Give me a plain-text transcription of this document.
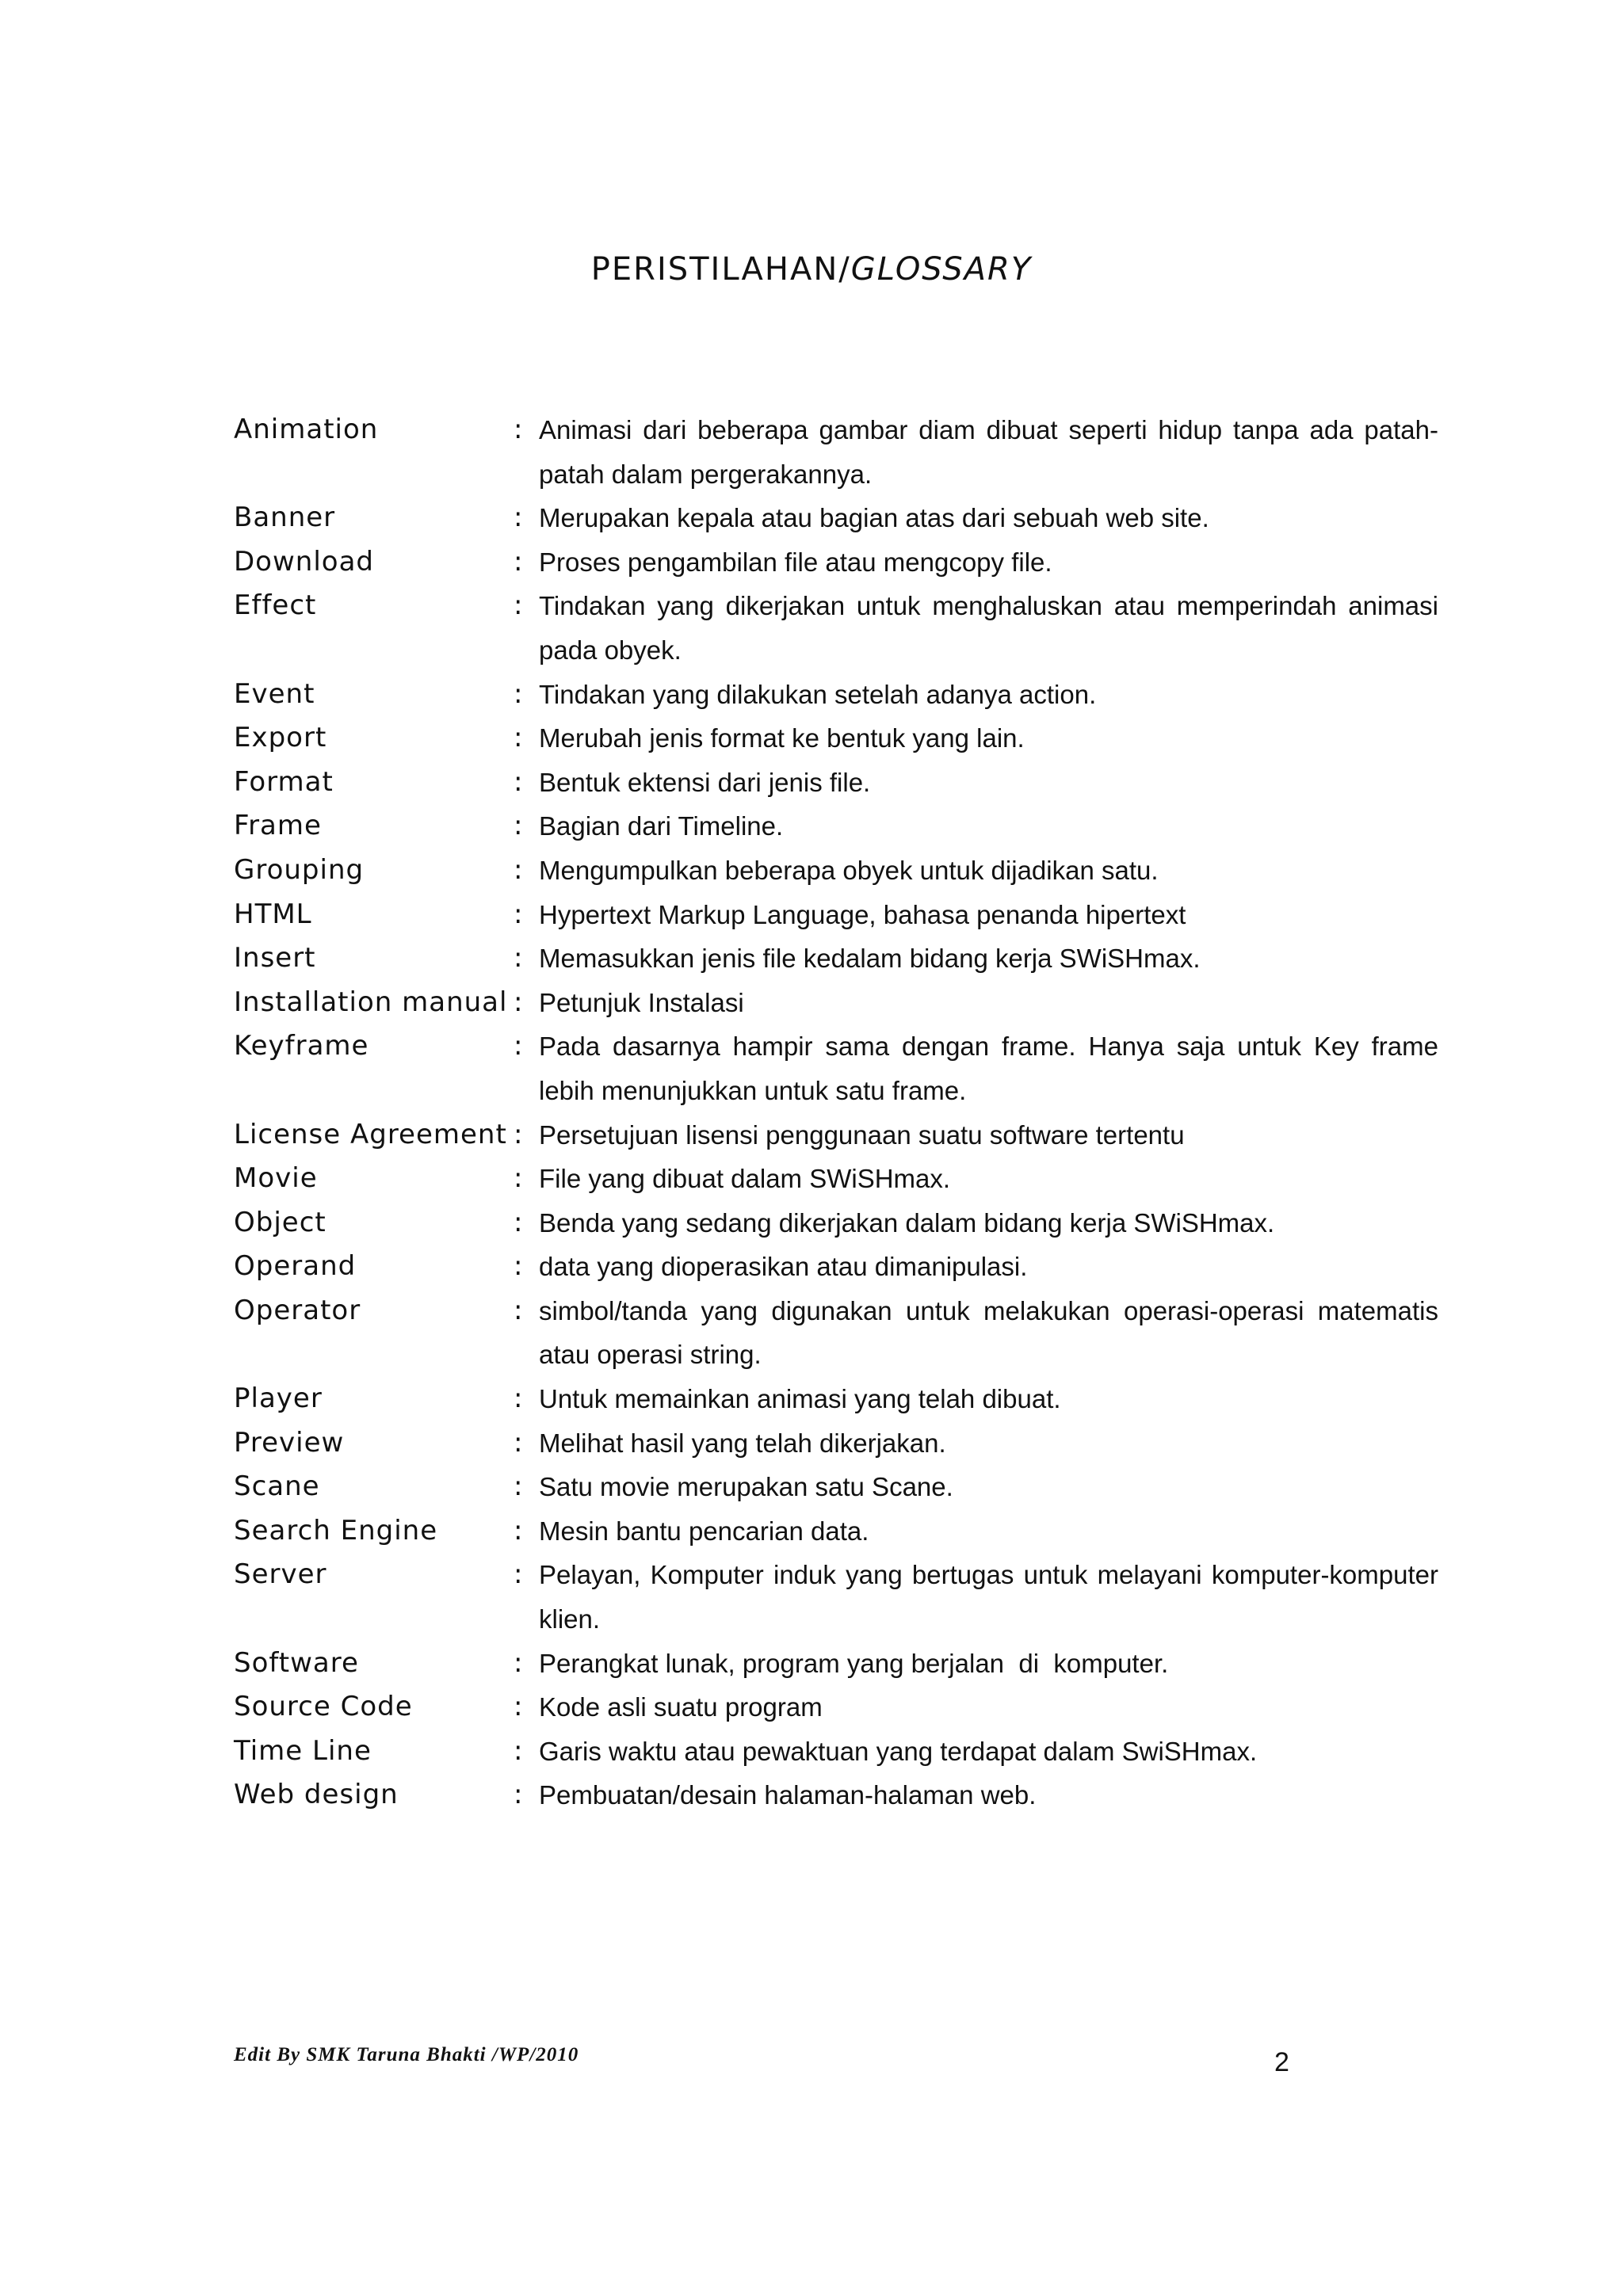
PERISTILAHAN/GLOSSARY
Animation	: Animasi dari beberapa gambar diam dibuat seperti hidup tanpa ada patah-patah dalam pergerakannya.
Banner	: Merupakan kepala atau bagian atas dari sebuah web site.
Download	: Proses pengambilan file atau mengcopy file.
Effect	: Tindakan yang dikerjakan untuk menghaluskan atau memperindah animasi pada obyek.
Event	: Tindakan yang dilakukan setelah adanya action.
Export	: Merubah jenis format ke bentuk yang lain.
Format	: Bentuk ektensi dari jenis file.
Frame	: Bagian dari Timeline.
Grouping	: Mengumpulkan beberapa obyek untuk dijadikan satu.
HTML	: Hypertext Markup Language, bahasa penanda hipertext
Insert	: Memasukkan jenis file kedalam bidang kerja SWiSHmax.
Installation manual : Petunjuk Instalasi
Keyframe	: Pada dasarnya hampir sama dengan frame. Hanya saja untuk Key frame lebih menunjukkan untuk satu frame.
License Agreement : Persetujuan lisensi penggunaan suatu software tertentu
Movie	: File yang dibuat dalam SWiSHmax.
Object	: Benda yang sedang dikerjakan dalam bidang kerja SWiSHmax.
Operand	: data yang dioperasikan atau dimanipulasi.
Operator	: simbol/tanda yang digunakan untuk melakukan operasi-operasi matematis atau operasi string.
Player	: Untuk memainkan animasi yang telah dibuat.
Preview	: Melihat hasil yang telah dikerjakan.
Scane	: Satu movie merupakan satu Scane.
Search Engine	: Mesin bantu pencarian data.
Server	: Pelayan, Komputer induk yang bertugas untuk melayani komputer-komputer klien.
Software	: Perangkat lunak, program yang berjalan  di  komputer.
Source Code	: Kode asli suatu program
Time Line	: Garis waktu atau pewaktuan yang terdapat dalam SwiSHmax.
Web design	: Pembuatan/desain halaman-halaman web.
Edit By SMK Taruna Bhakti /WP/2010	2
